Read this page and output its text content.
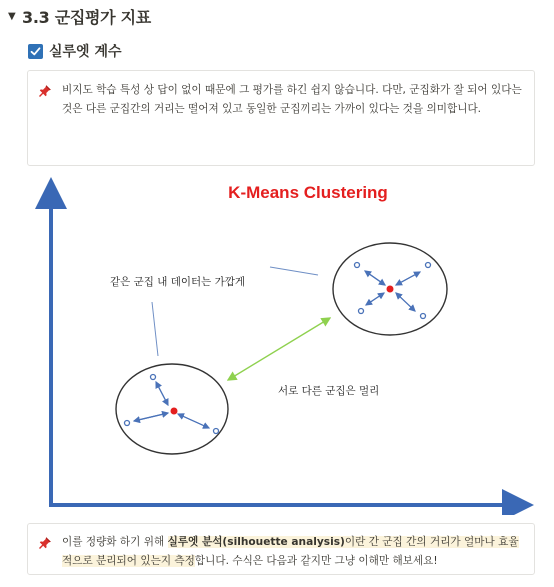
▼ 3.3 군집평가 지표
실루엣 계수
비지도 학습 특성 상 답이 없이 때문에 그 평가를 하긴 쉽지 않습니다. 다만, 군집화가 잘 되어 있다는 것은 다른 군집간의 거리는 떨어져 있고 동일한 군집끼리는 가까이 있다는 것을 의미합니다.
K-Means Clustering
같은 군집 내 데이터는 가깝게
서로 다른 군집은 멀리
이를 정량화 하기 위해 실루엣 분석(silhouette analysis)이란 간 군집 간의 거리가 얼마나 효율적으로 분리되어 있는지 측정합니다. 수식은 다음과 같지만 그냥 이해만 해보세요!
